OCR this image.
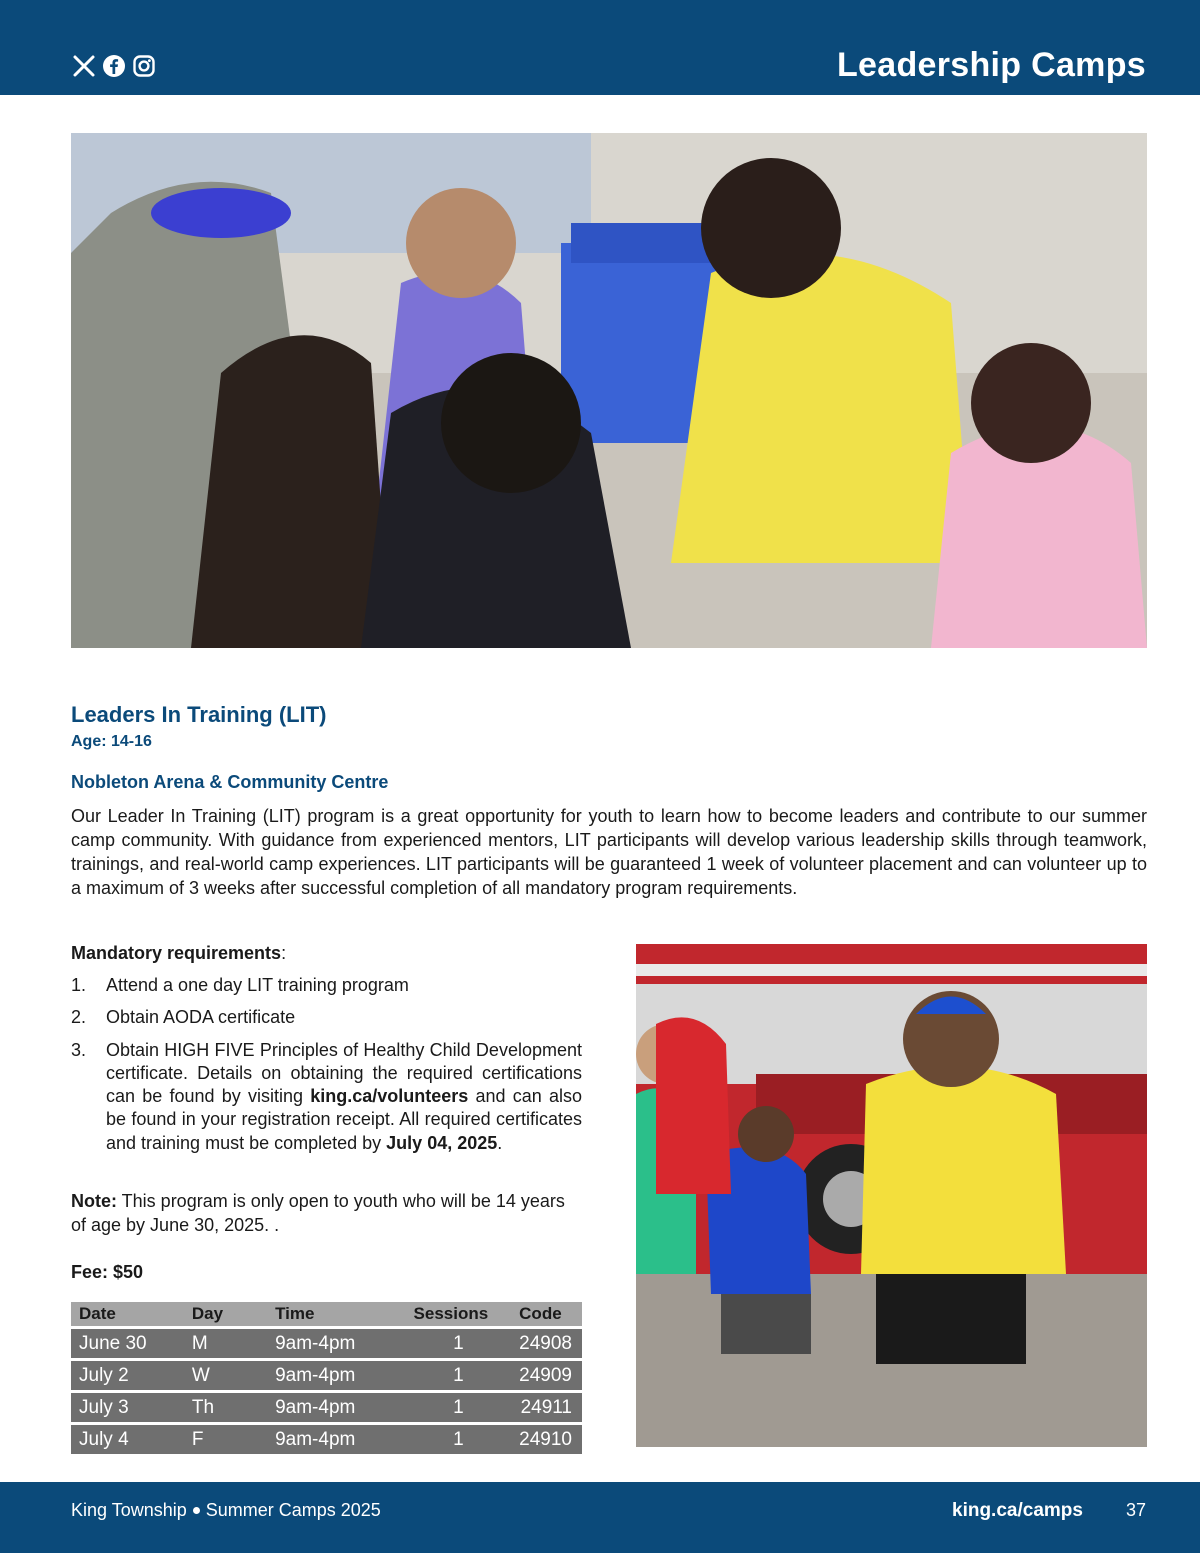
Leadership Camps
Leaders In Training (LIT)
Age: 14-16
Nobleton Arena & Community Centre

Our Leader In Training (LIT) program is a great opportunity for youth to learn how to become leaders and contribute to our summer camp community. With guidance from experienced mentors, LIT participants will develop various leadership skills through teamwork, trainings, and real-world camp experiences. LIT participants will be guaranteed 1 week of volunteer placement and can volunteer up to a maximum of 3 weeks after successful completion of all mandatory program requirements.

Mandatory requirements:
1. Attend a one day LIT training program
2. Obtain AODA certificate
3. Obtain HIGH FIVE Principles of Healthy Child Development certificate. Details on obtaining the required certifications can be found by visiting king.ca/volunteers and can also be found in your registration receipt. All required certificates and training must be completed by July 04, 2025.

Note: This program is only open to youth who will be 14 years of age by June 30, 2025. .

Fee: $50
Date	Day	Time	Sessions	Code
June 30	M	9am-4pm	1	24908
July 2	W	9am-4pm	1	24909
July 3	Th	9am-4pm	1	24911
July 4	F	9am-4pm	1	24910
King Township Summer Camps 2025	king.ca/camps 37
